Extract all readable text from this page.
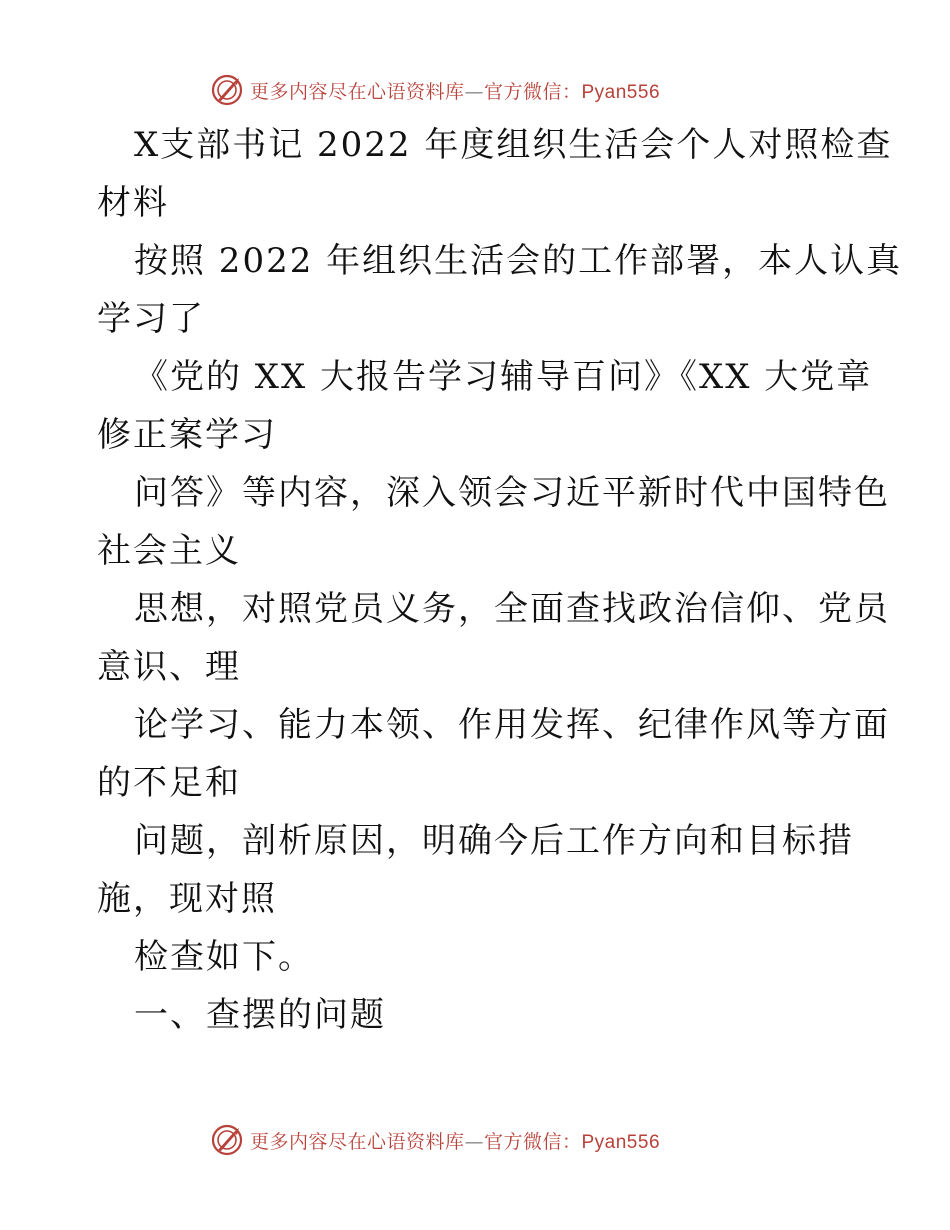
更多内容尽在心语资料库—官方微信：Pyan556
X支部书记 2022 年度组织生活会个人对照检查
材料
按照 2022 年组织生活会的工作部署，本人认真
学习了
《党的 XX 大报告学习辅导百问》《XX 大党章
修正案学习
问答》等内容，深入领会习近平新时代中国特色
社会主义
思想，对照党员义务，全面查找政治信仰、党员
意识、理
论学习、能力本领、作用发挥、纪律作风等方面
的不足和
问题，剖析原因，明确今后工作方向和目标措
施，现对照
检查如下。
一、查摆的问题
更多内容尽在心语资料库—官方微信：Pyan556
